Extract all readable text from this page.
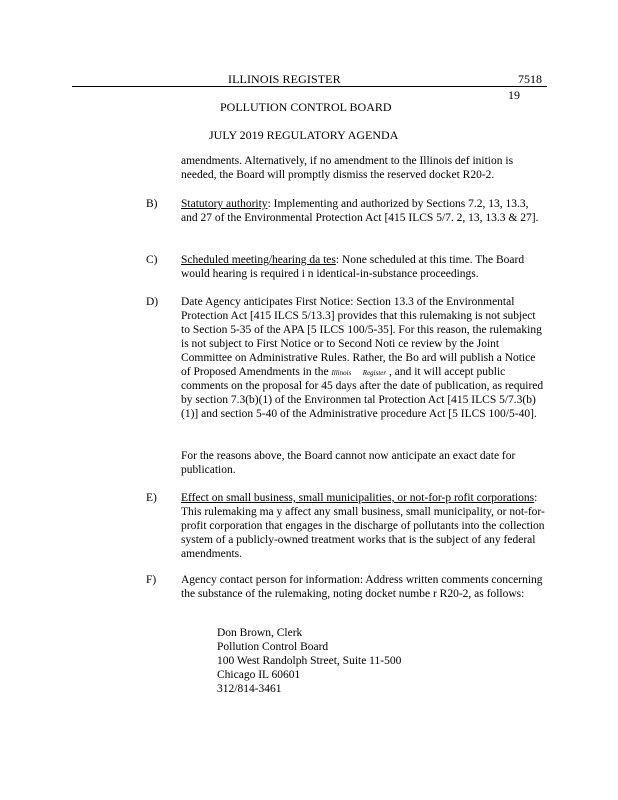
ILLINOIS REGISTER	7518
19
POLLUTION CONTROL BOARD
JULY 2019 REGULATORY AGENDA

amendments. Alternatively, if no amendment to the Illinois def inition is needed, the Board will promptly dismiss the reserved docket R20-2.

B) Statutory authority: Implementing and authorized by Sections 7.2, 13, 13.3, and 27 of the Environmental Protection Act [415 ILCS 5/7. 2, 13, 13.3 & 27].

C) Scheduled meeting/hearing da tes: None scheduled at this time. The Board would hearing is required i n identical-in-substance proceedings.

D) Date Agency anticipates First Notice: Section 13.3 of the Environmental Protection Act [415 ILCS 5/13.3] provides that this rulemaking is not subject to Section 5-35 of the APA [5 ILCS 100/5-35]. For this reason, the rulemaking is not subject to First Notice or to Second Noti ce review by the Joint Committee on Administrative Rules. Rather, the Bo ard will publish a Notice of Proposed Amendments in the Illinois Register , and it will accept public comments on the proposal for 45 days after the date of publication, as required by section 7.3(b)(1) of the Environmen tal Protection Act [415 ILCS 5/7.3(b)(1)] and section 5-40 of the Administrative procedure Act [5 ILCS 100/5-40].

For the reasons above, the Board cannot now anticipate an exact date for publication.

E) Effect on small business, small municipalities, or not-for-p rofit corporations: This rulemaking ma y affect any small business, small municipality, or not-for-profit corporation that engages in the discharge of pollutants into the collection system of a publicly-owned treatment works that is the subject of any federal amendments.

F) Agency contact person for information: Address written comments concerning the substance of the rulemaking, noting docket numbe r R20-2, as follows:

Don Brown, Clerk
Pollution Control Board
100 West Randolph Street, Suite 11-500
Chicago IL 60601
312/814-3461
